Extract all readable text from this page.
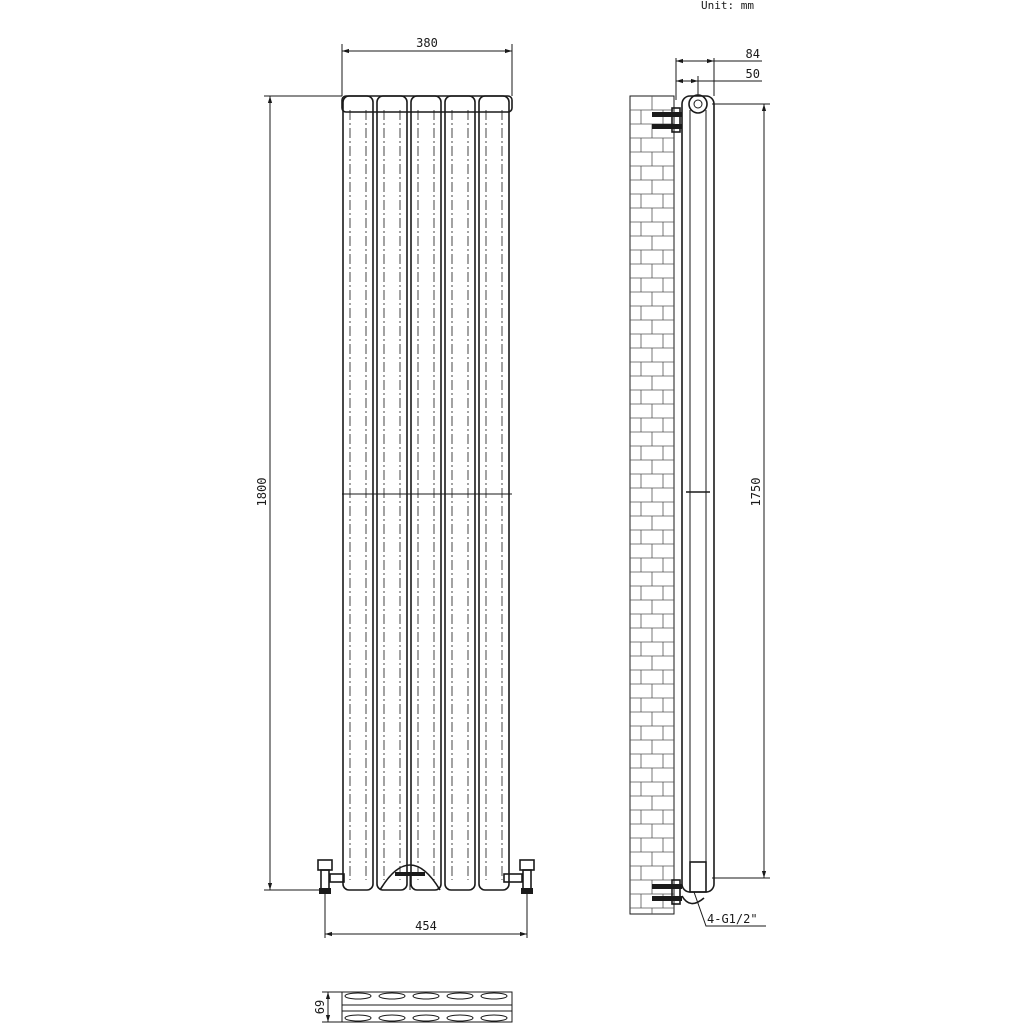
Unit: mm
380
1800
454
84
50
1750
4-G1/2"
69
